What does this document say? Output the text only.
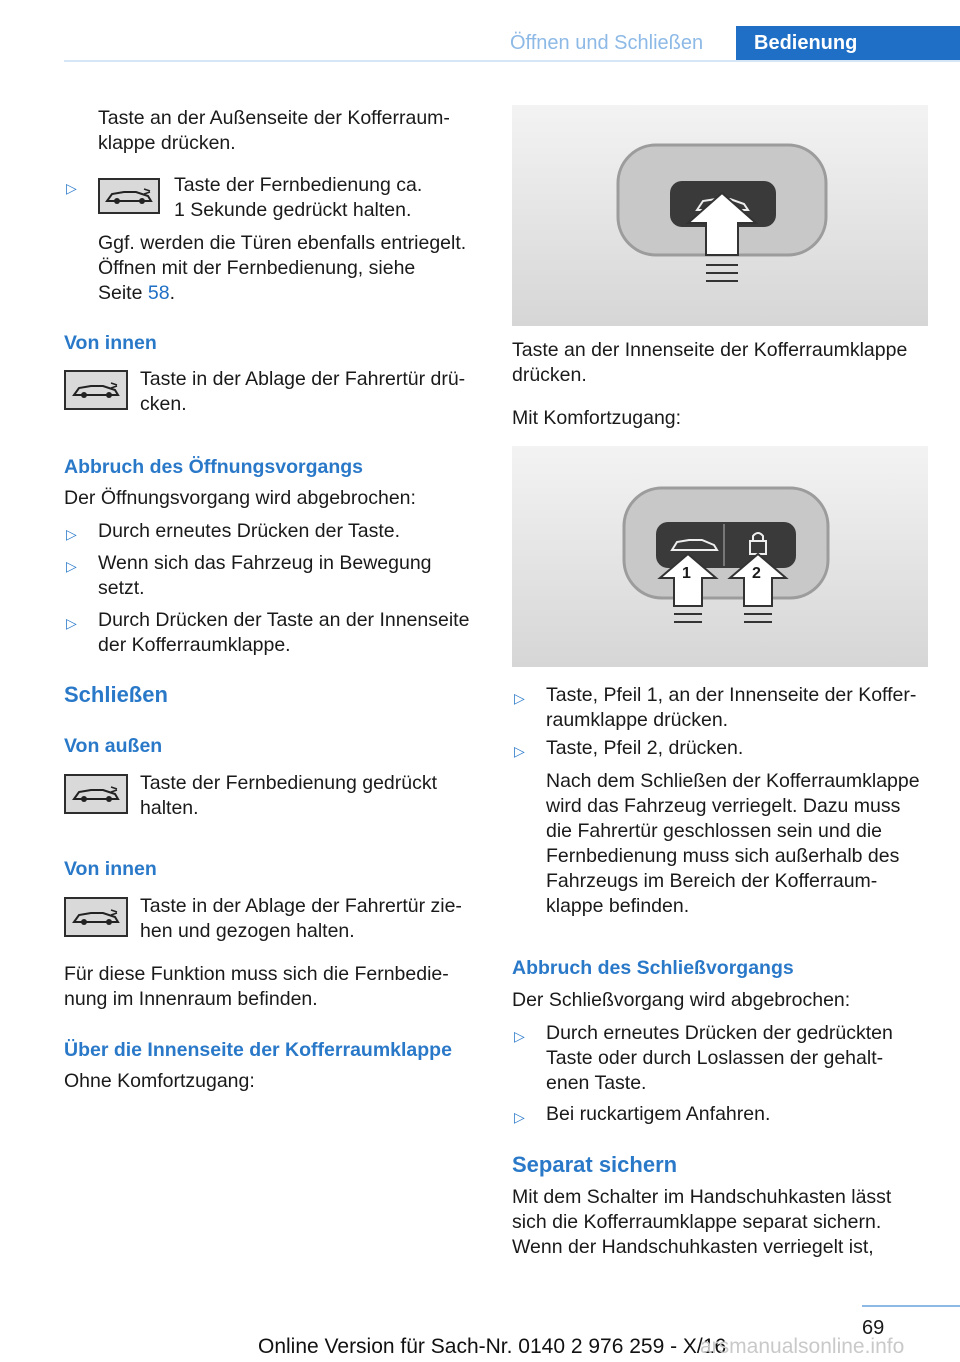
Öffnen und Schließen	Bedienung
Taste an der Außenseite der Kofferraum-
klappe drücken.
▷	Taste der Fernbedienung ca.
1 Sekunde gedrückt halten.
Ggf. werden die Türen ebenfalls entriegelt.
Öffnen mit der Fernbedienung, siehe
Seite 58.
Von innen
Taste in der Ablage der Fahrertür drü-
cken.
Abbruch des Öffnungsvorgangs
Der Öffnungsvorgang wird abgebrochen:
▷ Durch erneutes Drücken der Taste.
▷ Wenn sich das Fahrzeug in Bewegung
setzt.
▷ Durch Drücken der Taste an der Innenseite
der Kofferraumklappe.
Schließen
Von außen
Taste der Fernbedienung gedrückt
halten.
Von innen
Taste in der Ablage der Fahrertür zie-
hen und gezogen halten.
Für diese Funktion muss sich die Fernbedie-
nung im Innenraum befinden.
Über die Innenseite der Kofferraumklappe
Ohne Komfortzugang:
Taste an der Innenseite der Kofferraumklappe
drücken.
Mit Komfortzugang:
1	2
▷ Taste, Pfeil 1, an der Innenseite der Koffer-
raumklappe drücken.
▷ Taste, Pfeil 2, drücken.
Nach dem Schließen der Kofferraumklappe
wird das Fahrzeug verriegelt. Dazu muss
die Fahrertür geschlossen sein und die
Fernbedienung muss sich außerhalb des
Fahrzeugs im Bereich der Kofferraum-
klappe befinden.
Abbruch des Schließvorgangs
Der Schließvorgang wird abgebrochen:
▷ Durch erneutes Drücken der gedrückten
Taste oder durch Loslassen der gehalt-
enen Taste.
▷ Bei ruckartigem Anfahren.
Separat sichern
Mit dem Schalter im Handschuhkasten lässt
sich die Kofferraumklappe separat sichern.
Wenn der Handschuhkasten verriegelt ist,
69
Online Version für Sach-Nr. 0140 2 976 259 - X/16
arsmanualsonline.info
